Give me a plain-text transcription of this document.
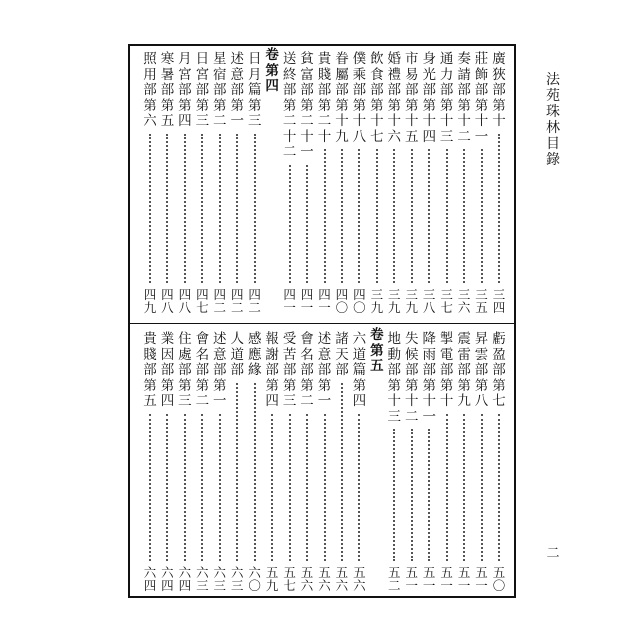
法苑珠林　目錄
廣狹部第十
三四
莊飾部第十一
三五
奏請部第十二
三六
通力部第十三
三七
身光部第十四
三八
市易部第十五
三九
婚禮部第十六
三九
飲食部第十七
三九
僕乘部第十八
四〇
眷屬部第十九
四〇
貴賤部第二十
四一
貧富部第二十一
四一
送終部第二十二
四一
卷第四
日月篇第三
四二
述意部第一
四二
星宿部第二
四二
日宮部第三
四七
月宮部第四
四八
寒暑部第五
四八
照用部第六
四九
虧盈部第七
五〇
昇雲部第八
五一
震雷部第九
五一
掣電部第十
五一
降雨部第十一
五一
失候部第十二
五一
地動部第十三
五二
卷第五
六道篇第四
五六
諸天部
五六
述意部第一
五六
會名部第二
五六
受苦部第三
五七
報謝部第四
五九
感應緣
六〇
人道部
六三
述意部第一
六三
會名部第二
六三
住處部第三
六四
業因部第四
六四
貴賤部第五
六四
二
